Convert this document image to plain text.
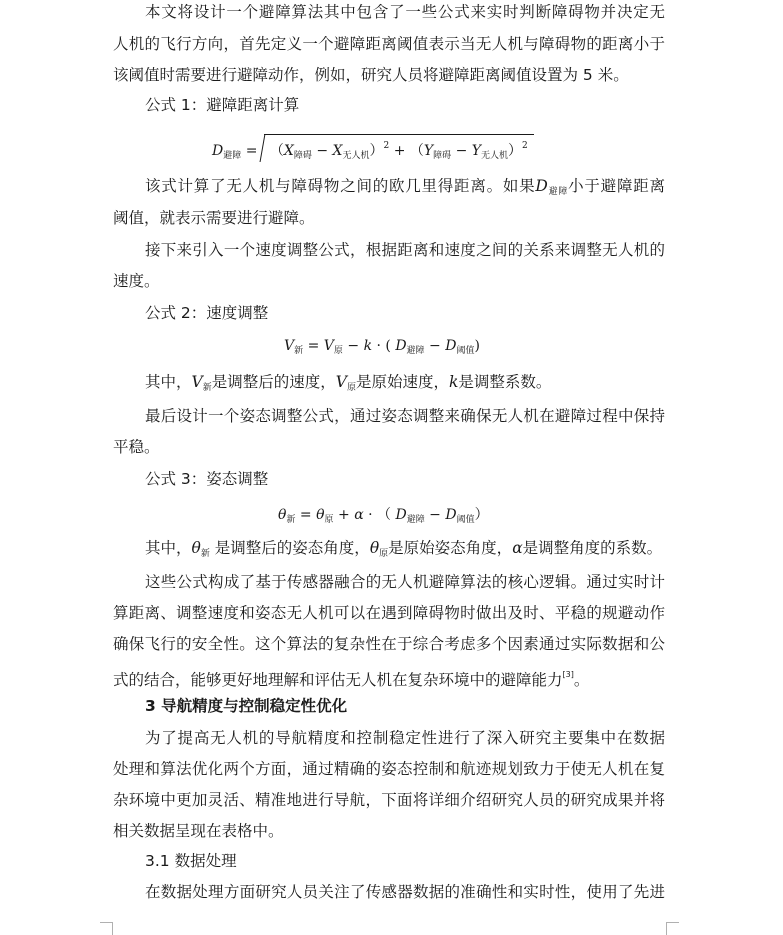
本文将设计一个避障算法其中包含了一些公式来实时判断障碍物并决定无
人机的飞行方向，首先定义一个避障距离阈值表示当无人机与障碍物的距离小于
该阈值时需要进行避障动作，例如，研究人员将避障距离阈值设置为 5 米。
公式 1：避障距离计算
$D_{避障} = (X_{障碍} - X_{无人机})^2 + (Y_{障碍} - Y_{无人机})^2$
该式计算了无人机与障碍物之间的欧几里得距离。如果$D_{避障}$小于避障距离
阈值，就表示需要进行避障。
接下来引入一个速度调整公式，根据距离和速度之间的关系来调整无人机的
速度。
公式 2：速度调整
$V_新 = V_原 - k$ · ( $D_{避障} - D_{阈值}$)
其中，$V_新$是调整后的速度，$V_原$是原始速度，k是调整系数。
最后设计一个姿态调整公式，通过姿态调整来确保无人机在避障过程中保持
平稳。
公式 3：姿态调整
$\theta_新 = \theta_原 + \alpha$ · （ $D_{避障} - D_{阈值}$）
其中，$\theta_新$ 是调整后的姿态角度，$\theta_原$是原始姿态角度，α是调整角度的系数。
这些公式构成了基于传感器融合的无人机避障算法的核心逻辑。通过实时计
算距离、调整速度和姿态无人机可以在遇到障碍物时做出及时、平稳的规避动作
确保飞行的安全性。这个算法的复杂性在于综合考虑多个因素通过实际数据和公
式的结合，能够更好地理解和评估无人机在复杂环境中的避障能力[3]。
3 导航精度与控制稳定性优化
为了提高无人机的导航精度和控制稳定性进行了深入研究主要集中在数据
处理和算法优化两个方面，通过精确的姿态控制和航迹规划致力于使无人机在复
杂环境中更加灵活、精准地进行导航，下面将详细介绍研究人员的研究成果并将
相关数据呈现在表格中。
3.1 数据处理
在数据处理方面研究人员关注了传感器数据的准确性和实时性，使用了先进
